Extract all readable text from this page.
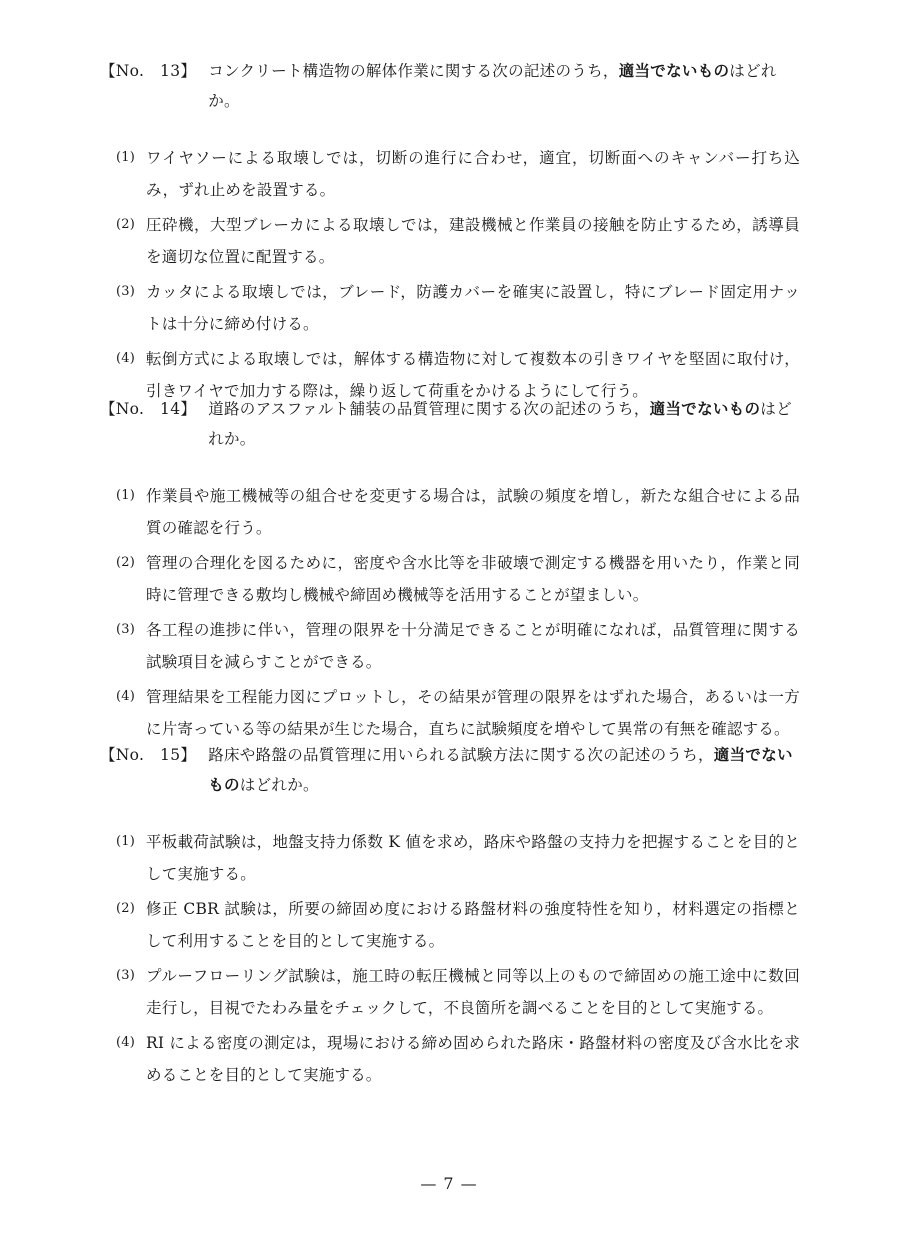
【No.　13】 コンクリート構造物の解体作業に関する次の記述のうち，適当でないものはどれか。
(1) ワイヤソーによる取壊しでは，切断の進行に合わせ，適宜，切断面へのキャンバー打ち込み，ずれ止めを設置する。
(2) 圧砕機，大型ブレーカによる取壊しでは，建設機械と作業員の接触を防止するため，誘導員を適切な位置に配置する。
(3) カッタによる取壊しでは，ブレード，防護カバーを確実に設置し，特にブレード固定用ナットは十分に締め付ける。
(4) 転倒方式による取壊しでは，解体する構造物に対して複数本の引きワイヤを堅固に取付け，引きワイヤで加力する際は，繰り返して荷重をかけるようにして行う。
【No.　14】 道路のアスファルト舗装の品質管理に関する次の記述のうち，適当でないものはどれか。
(1) 作業員や施工機械等の組合せを変更する場合は，試験の頻度を増し，新たな組合せによる品質の確認を行う。
(2) 管理の合理化を図るために，密度や含水比等を非破壊で測定する機器を用いたり，作業と同時に管理できる敷均し機械や締固め機械等を活用することが望ましい。
(3) 各工程の進捗に伴い，管理の限界を十分満足できることが明確になれば，品質管理に関する試験項目を減らすことができる。
(4) 管理結果を工程能力図にプロットし，その結果が管理の限界をはずれた場合，あるいは一方に片寄っている等の結果が生じた場合，直ちに試験頻度を増やして異常の有無を確認する。
【No.　15】 路床や路盤の品質管理に用いられる試験方法に関する次の記述のうち，適当でないものはどれか。
(1) 平板載荷試験は，地盤支持力係数 K 値を求め，路床や路盤の支持力を把握することを目的として実施する。
(2) 修正 CBR 試験は，所要の締固め度における路盤材料の強度特性を知り，材料選定の指標として利用することを目的として実施する。
(3) プルーフローリング試験は，施工時の転圧機械と同等以上のもので締固めの施工途中に数回走行し，目視でたわみ量をチェックして，不良箇所を調べることを目的として実施する。
(4) RI による密度の測定は，現場における締め固められた路床・路盤材料の密度及び含水比を求めることを目的として実施する。
— 7 —
